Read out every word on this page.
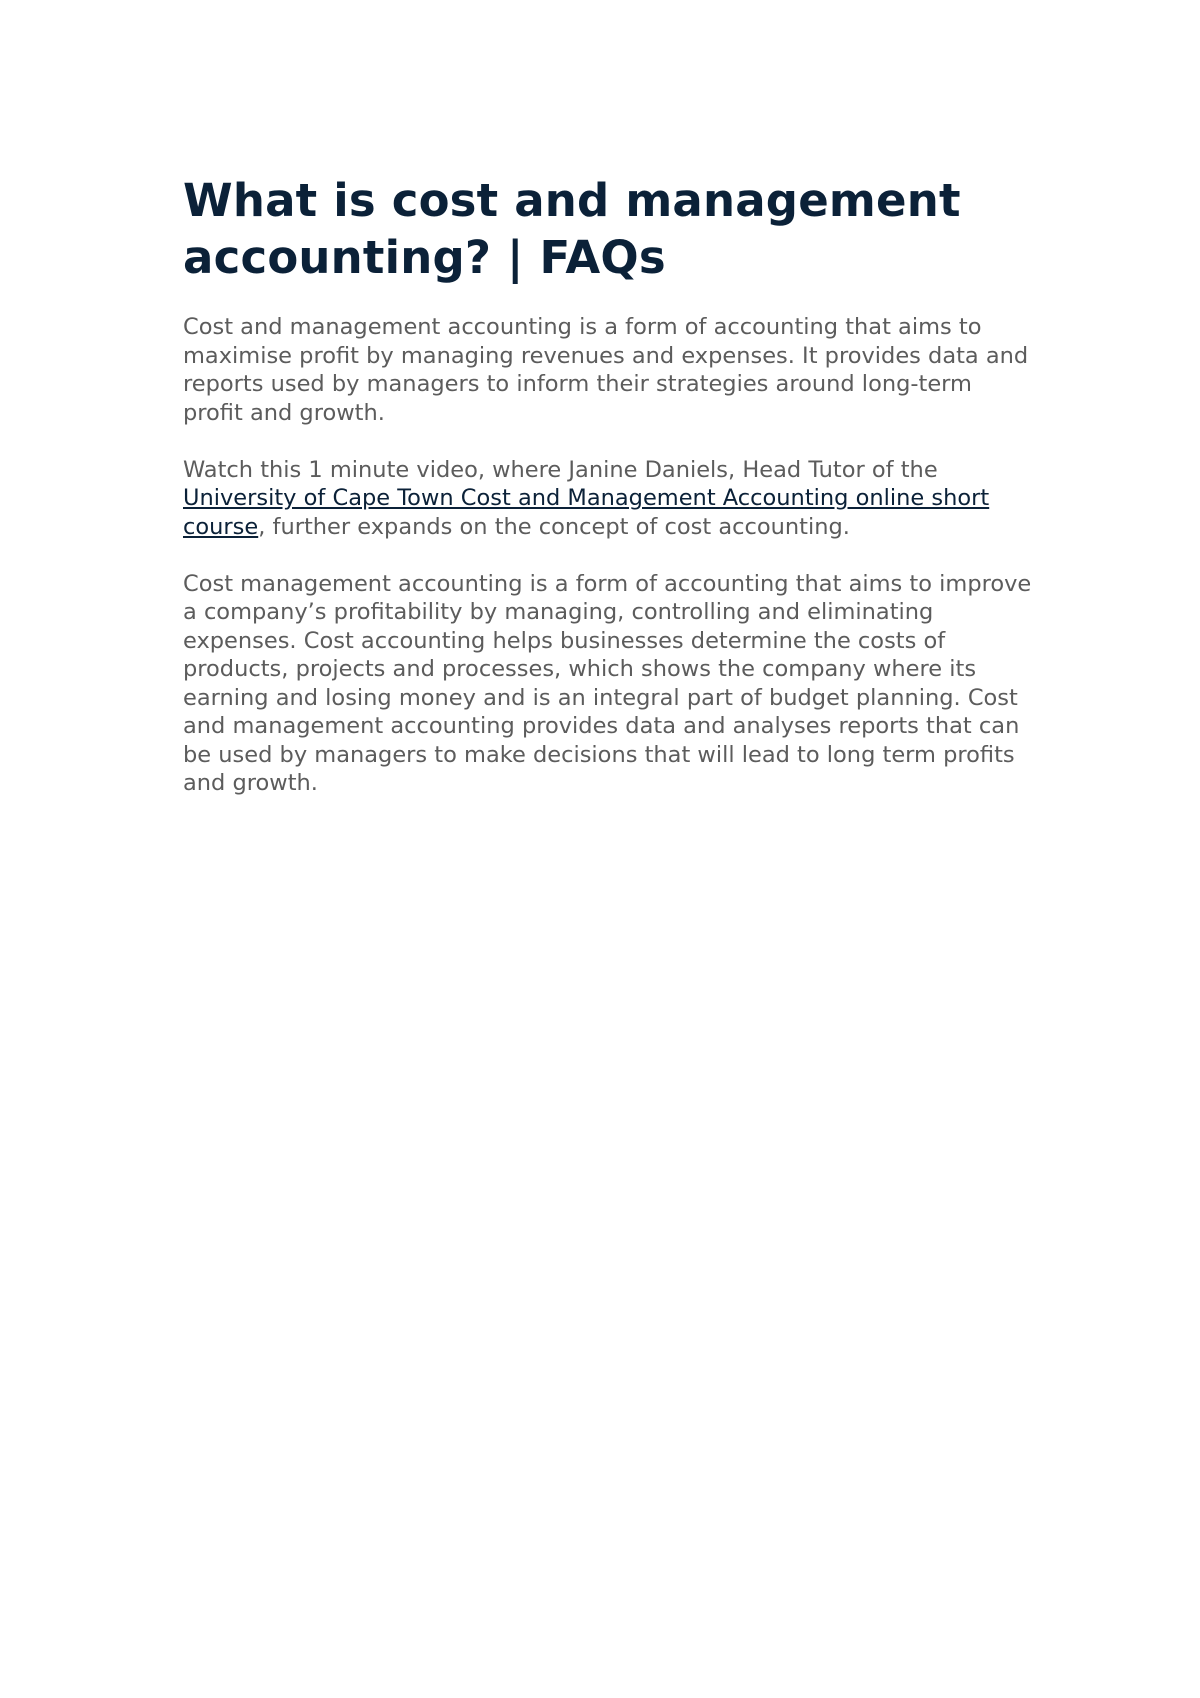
What is cost and management accounting? | FAQs

Cost and management accounting is a form of accounting that aims to maximise profit by managing revenues and expenses. It provides data and reports used by managers to inform their strategies around long-term profit and growth.

Watch this 1 minute video, where Janine Daniels, Head Tutor of the University of Cape Town Cost and Management Accounting online short course, further expands on the concept of cost accounting.

Cost management accounting is a form of accounting that aims to improve a company’s profitability by managing, controlling and eliminating expenses. Cost accounting helps businesses determine the costs of products, projects and processes, which shows the company where its earning and losing money and is an integral part of budget planning. Cost and management accounting provides data and analyses reports that can be used by managers to make decisions that will lead to long term profits and growth.
